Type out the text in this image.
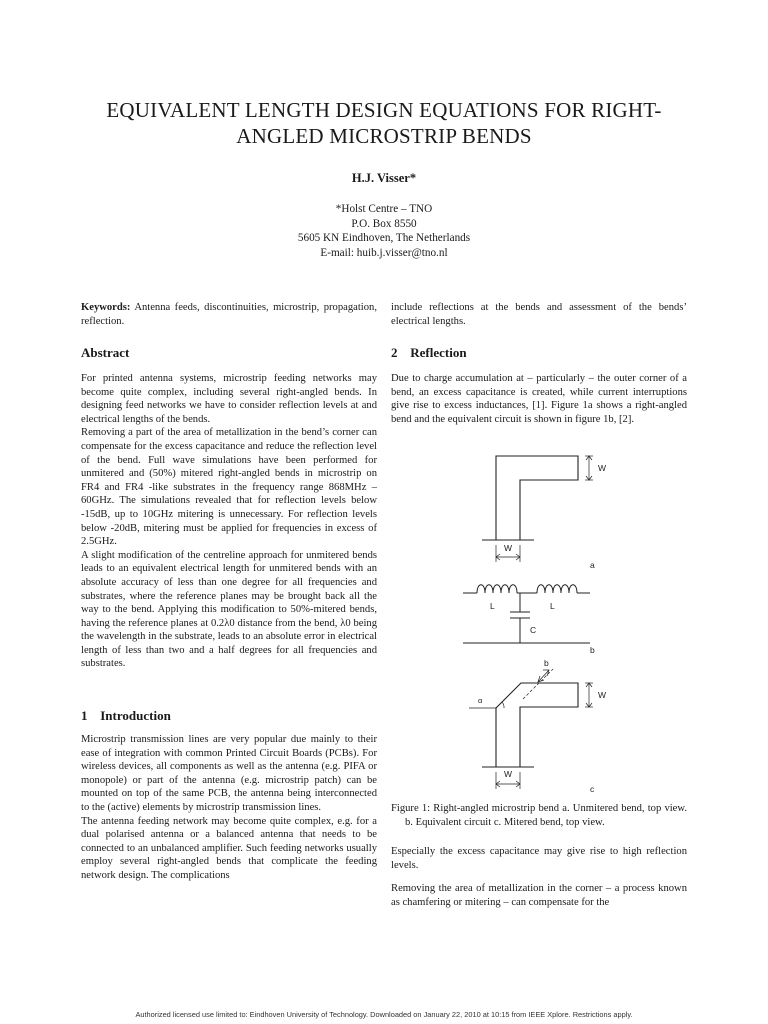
EQUIVALENT LENGTH DESIGN EQUATIONS FOR RIGHT-
ANGLED MICROSTRIP BENDS
H.J. Visser*
*Holst Centre – TNO
P.O. Box 8550
5605 KN Eindhoven, The Netherlands
E-mail: huib.j.visser@tno.nl

Keywords: Antenna feeds, discontinuities, microstrip, propagation, reflection.

Abstract

For printed antenna systems, microstrip feeding networks may become quite complex, including several right-angled bends. In designing feed networks we have to consider reflection levels at and electrical lengths of the bends.

Removing a part of the area of metallization in the bend’s corner can compensate for the excess capacitance and reduce the reflection level of the bend. Full wave simulations have been performed for unmitered and (50%) mitered right-angled bends in microstrip on FR4 and FR4 -like substrates in the frequency range 868MHz – 60GHz. The simulations revealed that for reflection levels below -15dB, up to 10GHz mitering is unnecessary. For reflection levels below -20dB, mitering must be applied for frequencies in excess of 2.5GHz.

A slight modification of the centreline approach for unmitered bends leads to an equivalent electrical length for unmitered bends with an absolute accuracy of less than one degree for all frequencies and substrates, where the reference planes may be brought back all the way to the bend. Applying this modification to 50%-mitered bends, having the reference planes at 0.2λ0 distance from the bend, λ0 being the wavelength in the substrate, leads to an absolute error in electrical length of less than two and a half degrees for all frequencies and substrates.

1 Introduction

Microstrip transmission lines are very popular due mainly to their ease of integration with common Printed Circuit Boards (PCBs). For wireless devices, all components as well as the antenna (e.g. PIFA or monopole) or part of the antenna (e.g. microstrip patch) can be mounted on top of the same PCB, the antenna being interconnected to the (active) elements by microstrip transmission lines.

The antenna feeding network may become quite complex, e.g. for a dual polarised antenna or a balanced antenna that needs to be connected to an unbalanced amplifier. Such feeding networks usually employ several right-angled bends that complicate the feeding network design. The complications

include reflections at the bends and assessment of the bends’ electrical lengths.

2 Reflection

Due to charge accumulation at – particularly – the outer corner of a bend, an excess capacitance is created, while current interruptions give rise to excess inductances, [1]. Figure 1a shows a right-angled bend and the equivalent circuit is shown in figure 1b, [2].

W
W
a
L	L
C
b
b
α
W
W
c

Figure 1: Right-angled microstrip bend a. Unmitered bend, top view. b. Equivalent circuit c. Mitered bend, top view.

Especially the excess capacitance may give rise to high reflection levels.

Removing the area of metallization in the corner – a process known as chamfering or mitering – can compensate for the

Authorized licensed use limited to: Eindhoven University of Technology. Downloaded on January 22, 2010 at 10:15 from IEEE Xplore. Restrictions apply.
